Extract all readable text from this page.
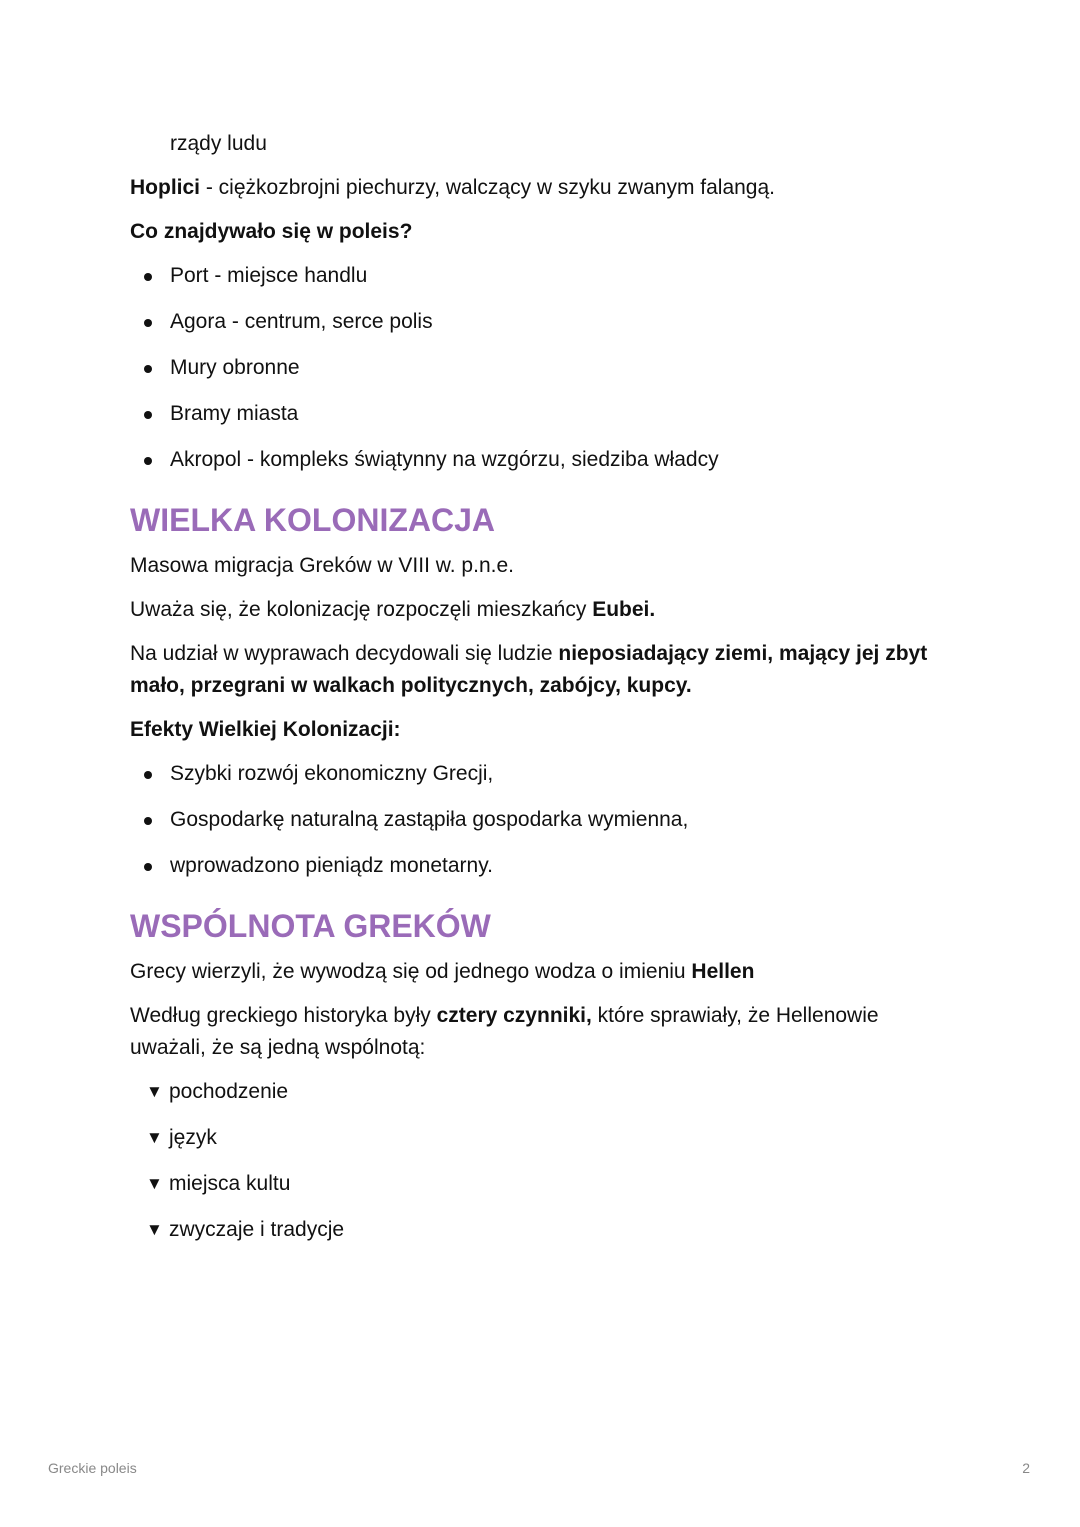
rządy ludu

Hoplici - ciężkozbrojni piechurzy, walczący w szyku zwanym falangą.

Co znajdywało się w poleis?

Port - miejsce handlu
Agora - centrum, serce polis
Mury obronne
Bramy miasta
Akropol - kompleks świątynny na wzgórzu, siedziba władcy
WIELKA KOLONIZACJA

Masowa migracja Greków w VIII w. p.n.e.

Uważa się, że kolonizację rozpoczęli mieszkańcy Eubei.

Na udział w wyprawach decydowali się ludzie nieposiadający ziemi, mający jej zbyt mało, przegrani w walkach politycznych, zabójcy, kupcy.

Efekty Wielkiej Kolonizacji:

Szybki rozwój ekonomiczny Grecji,
Gospodarkę naturalną zastąpiła gospodarka wymienna,
wprowadzono pieniądz monetarny.
WSPÓLNOTA GREKÓW

Grecy wierzyli, że wywodzą się od jednego wodza o imieniu Hellen

Według greckiego historyka były cztery czynniki, które sprawiały, że Hellenowie uważali, że są jedną wspólnotą:

▼ pochodzenie
▼ język
▼ miejsca kultu
▼ zwyczaje i tradycje
Greckie poleis	2
